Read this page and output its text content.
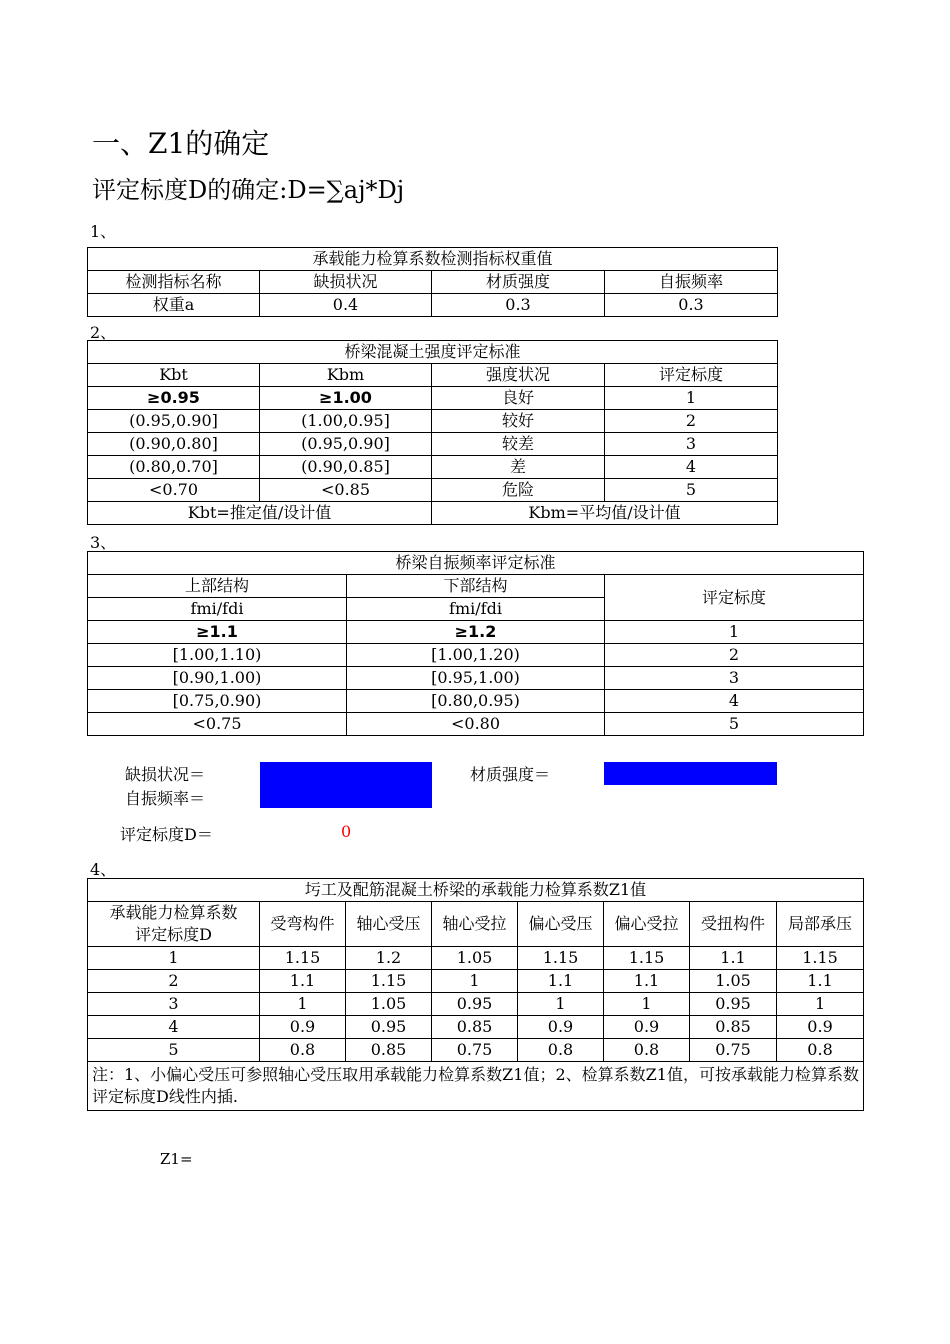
一、Z1的确定
评定标度D的确定:D=∑aj*Dj
1、
承载能力检算系数检测指标权重值			
检测指标名称	缺损状况	材质强度	自振频率
权重a	0.4	0.3	0.3
2、
桥梁混凝土强度评定标准			
Kbt	Kbm	强度状况	评定标度
≥0.95	≥1.00	良好	1
(0.95,0.90]	(1.00,0.95]	较好	2
(0.90,0.80]	(0.95,0.90]	较差	3
(0.80,0.70]	(0.90,0.85]	差	4
<0.70	<0.85	危险	5
Kbt=推定值/设计值		Kbm=平均值/设计值	
3、
桥梁自振频率评定标准		
上部结构	下部结构	评定标度
fmi/fdi	fmi/fdi	
≥1.1	≥1.2	1
[1.00,1.10)	[1.00,1.20)	2
[0.90,1.00)	[0.95,1.00)	3
[0.75,0.90)	[0.80,0.95)	4
<0.75	<0.80	5
缺损状况＝
自振频率＝
材质强度＝
评定标度D＝	0
4、
圬工及配筋混凝土桥梁的承载能力检算系数Z1值							
承载能力检算系数
评定标度D	受弯构件	轴心受压	轴心受拉	偏心受压	偏心受拉	受扭构件	局部承压
1	1.15	1.2	1.05	1.15	1.15	1.1	1.15
2	1.1	1.15	1	1.1	1.1	1.05	1.1
3	1	1.05	0.95	1	1	0.95	1
4	0.9	0.95	0.85	0.9	0.9	0.85	0.9
5	0.8	0.85	0.75	0.8	0.8	0.75	0.8
注：1、小偏心受压可参照轴心受压取用承载能力检算系数Z1值；2、检算系数Z1值，可按承载能力检算系数评定标度D线性内插.							
Z1=
